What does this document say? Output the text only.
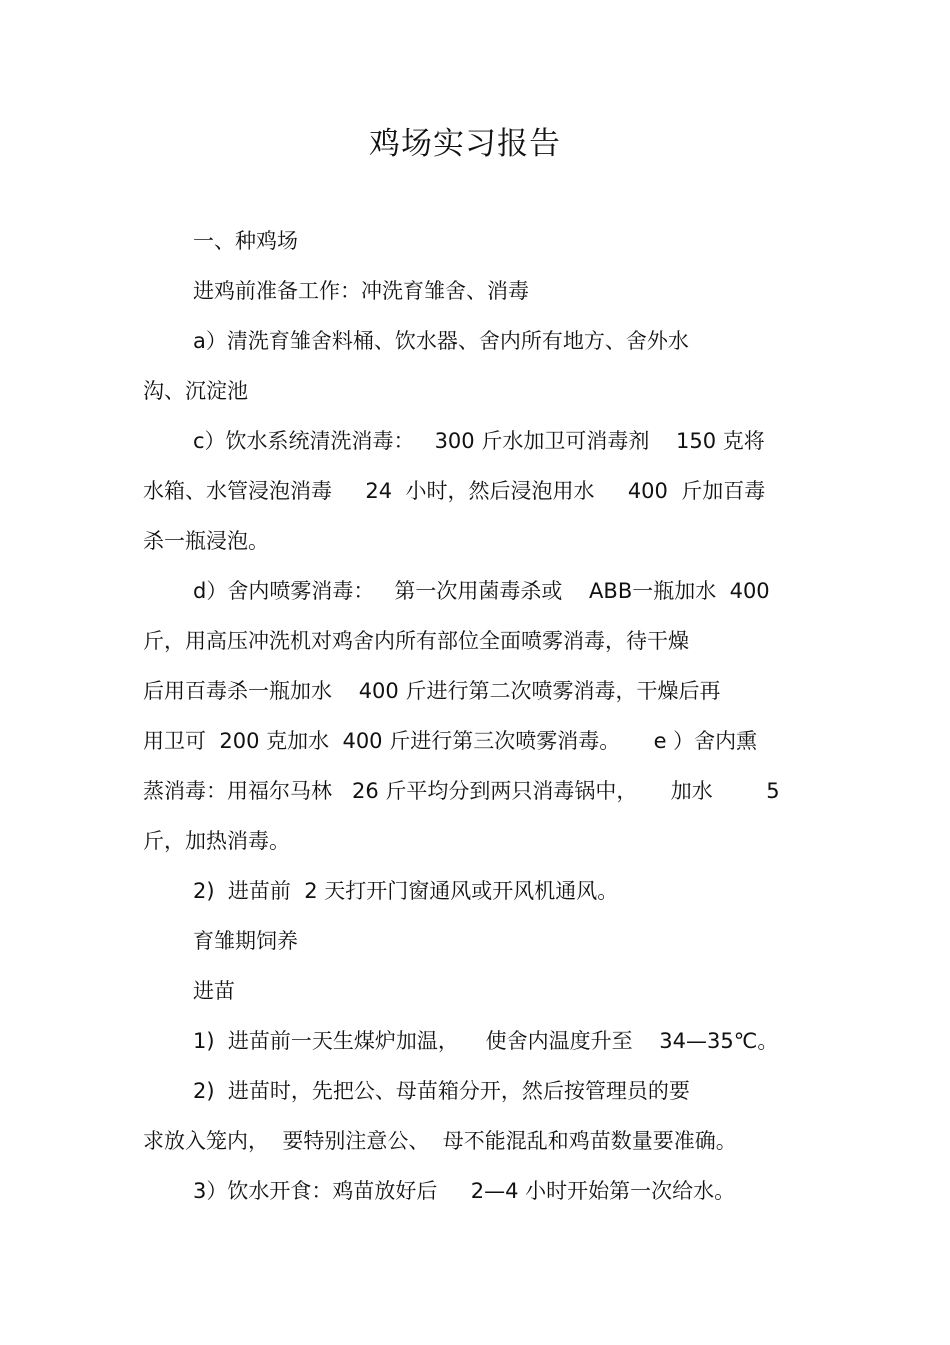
鸡场实习报告

一、种鸡场

进鸡前准备工作：冲洗育雏舍、消毒

a）清洗育雏舍料桶、饮水器、舍内所有地方、舍外水

沟、沉淀池

c）饮水系统清洗消毒：   300 斤水加卫可消毒剂    150 克将

水箱、水管浸泡消毒     24  小时，然后浸泡用水     400  斤加百毒

杀一瓶浸泡。

d）舍内喷雾消毒：   第一次用菌毒杀或    ABB一瓶加水  400

斤，用高压冲洗机对鸡舍内所有部位全面喷雾消毒，待干燥

后用百毒杀一瓶加水    400 斤进行第二次喷雾消毒，干燥后再

用卫可  200 克加水  400 斤进行第三次喷雾消毒。     e ）舍内熏

蒸消毒：用福尔马林   26 斤平均分到两只消毒锅中，     加水        5

斤，加热消毒。

2)  进苗前  2 天打开门窗通风或开风机通风。

育雏期饲养

进苗

1)  进苗前一天生煤炉加温，    使舍内温度升至    34—35℃。

2)  进苗时，先把公、母苗箱分开，然后按管理员的要

求放入笼内，  要特别注意公、  母不能混乱和鸡苗数量要准确。

3）饮水开食：鸡苗放好后     2—4 小时开始第一次给水。
